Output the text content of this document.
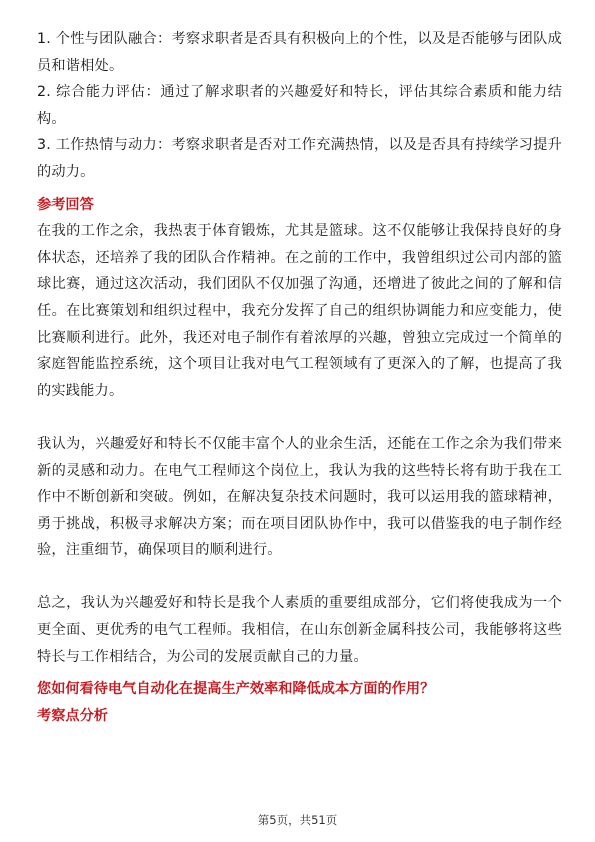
1. 个性与团队融合：考察求职者是否具有积极向上的个性，以及是否能够与团队成员和谐相处。

2. 综合能力评估：通过了解求职者的兴趣爱好和特长，评估其综合素质和能力结构。

3. 工作热情与动力：考察求职者是否对工作充满热情，以及是否具有持续学习提升的动力。

参考回答

在我的工作之余，我热衷于体育锻炼，尤其是篮球。这不仅能够让我保持良好的身体状态，还培养了我的团队合作精神。在之前的工作中，我曾组织过公司内部的篮球比赛，通过这次活动，我们团队不仅加强了沟通，还增进了彼此之间的了解和信任。在比赛策划和组织过程中，我充分发挥了自己的组织协调能力和应变能力，使比赛顺利进行。此外，我还对电子制作有着浓厚的兴趣，曾独立完成过一个简单的家庭智能监控系统，这个项目让我对电气工程领域有了更深入的了解，也提高了我的实践能力。

我认为，兴趣爱好和特长不仅能丰富个人的业余生活，还能在工作之余为我们带来新的灵感和动力。在电气工程师这个岗位上，我认为我的这些特长将有助于我在工作中不断创新和突破。例如，在解决复杂技术问题时，我可以运用我的篮球精神，勇于挑战，积极寻求解决方案；而在项目团队协作中，我可以借鉴我的电子制作经验，注重细节，确保项目的顺利进行。

总之，我认为兴趣爱好和特长是我个人素质的重要组成部分，它们将使我成为一个更全面、更优秀的电气工程师。我相信，在山东创新金属科技公司，我能够将这些特长与工作相结合，为公司的发展贡献自己的力量。

您如何看待电气自动化在提高生产效率和降低成本方面的作用？

考察点分析

第5页，共51页
